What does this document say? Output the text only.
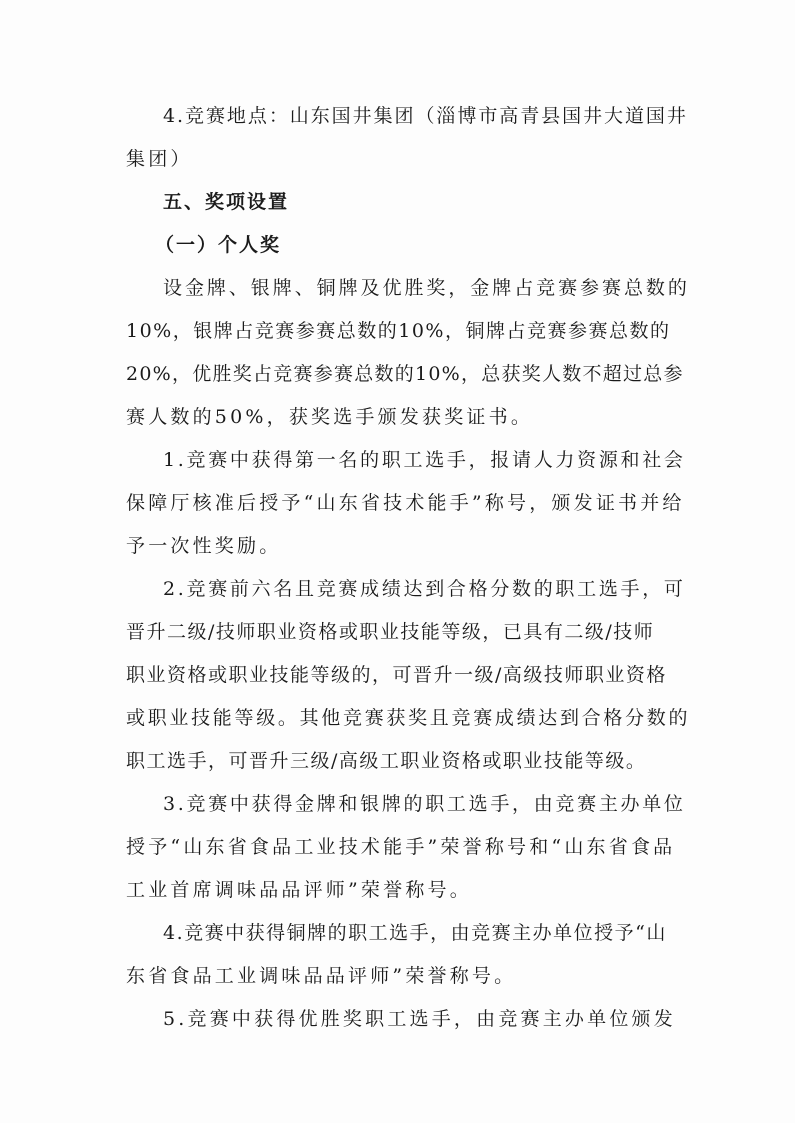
4.竞赛地点：山东国井集团（淄博市高青县国井大道国井
集团）
五、奖项设置
（一）个人奖
设金牌、银牌、铜牌及优胜奖，金牌占竞赛参赛总数的
10%，银牌占竞赛参赛总数的10%，铜牌占竞赛参赛总数的
20%，优胜奖占竞赛参赛总数的10%，总获奖人数不超过总参
赛人数的50%，获奖选手颁发获奖证书。
1.竞赛中获得第一名的职工选手，报请人力资源和社会
保障厅核准后授予“山东省技术能手”称号，颁发证书并给
予一次性奖励。
2.竞赛前六名且竞赛成绩达到合格分数的职工选手，可
晋升二级/技师职业资格或职业技能等级，已具有二级/技师
职业资格或职业技能等级的，可晋升一级/高级技师职业资格
或职业技能等级。其他竞赛获奖且竞赛成绩达到合格分数的
职工选手，可晋升三级/高级工职业资格或职业技能等级。
3.竞赛中获得金牌和银牌的职工选手，由竞赛主办单位
授予“山东省食品工业技术能手”荣誉称号和“山东省食品
工业首席调味品品评师”荣誉称号。
4.竞赛中获得铜牌的职工选手，由竞赛主办单位授予“山
东省食品工业调味品品评师”荣誉称号。
5.竞赛中获得优胜奖职工选手，由竞赛主办单位颁发
